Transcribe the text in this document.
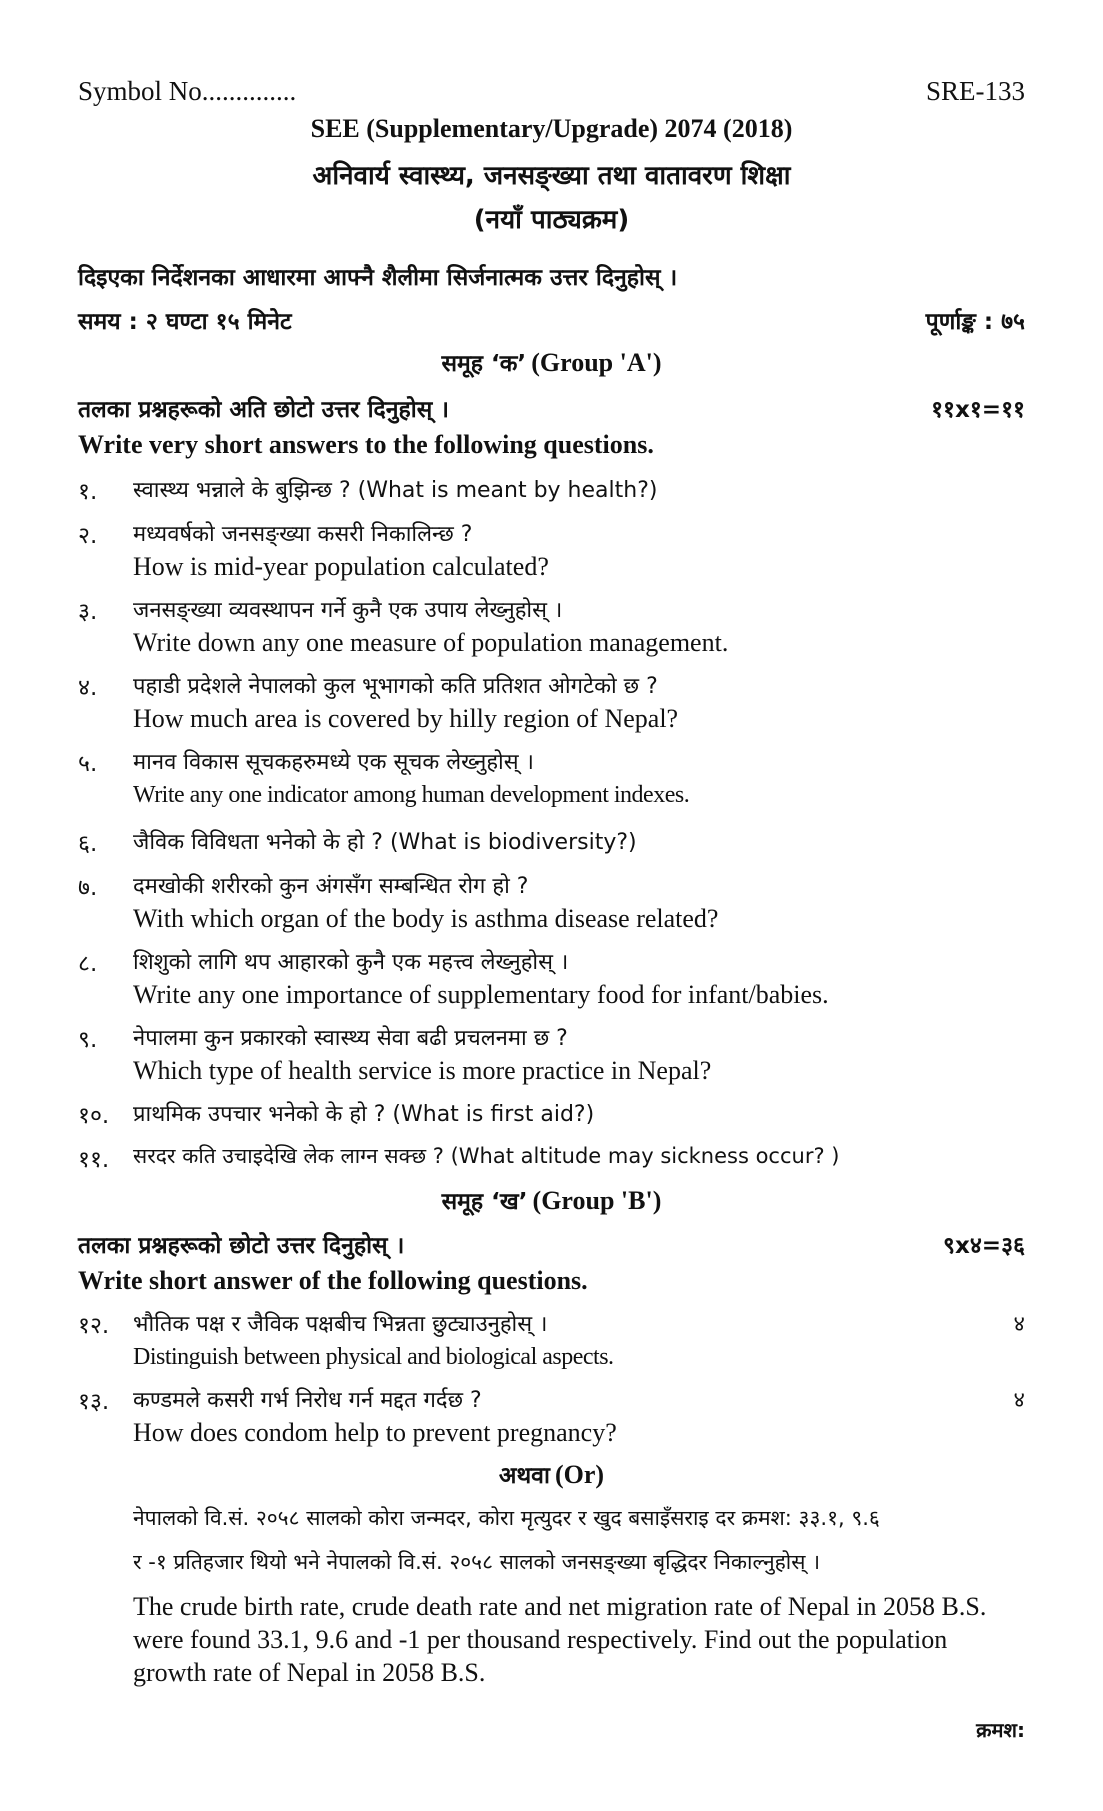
Symbol No..............	SRE-133
SEE (Supplementary/Upgrade) 2074 (2018)
अनिवार्य स्वास्थ्य, जनसङ्ख्या तथा वातावरण शिक्षा
(नयाँ पाठ्यक्रम)
दिइएका निर्देशनका आधारमा आफ्नै शैलीमा सिर्जनात्मक उत्तर दिनुहोस् ।
समय : २ घण्टा १५ मिनेट	पूर्णाङ्क : ७५
समूह ‘क’ (Group 'A')
तलका प्रश्नहरूको अति छोटो उत्तर दिनुहोस् ।	११x१=११
Write very short answers to the following questions.
१.	स्वास्थ्य भन्नाले के बुझिन्छ ? (What is meant by health?)
२.	मध्यवर्षको जनसङ्ख्या कसरी निकालिन्छ ?
How is mid-year population calculated?
३.	जनसङ्ख्या व्यवस्थापन गर्ने कुनै एक उपाय लेख्नुहोस् ।
Write down any one measure of population management.
४.	पहाडी प्रदेशले नेपालको कुल भूभागको कति प्रतिशत ओगटेको छ ?
How much area is covered by hilly region of Nepal?
५.	मानव विकास सूचकहरुमध्ये एक सूचक लेख्नुहोस् ।
Write any one indicator among human development indexes.
६.	जैविक विविधता भनेको के हो ? (What is biodiversity?)
७.	दमखोकी शरीरको कुन अंगसँग सम्बन्धित रोग हो ?
With which organ of the body is asthma disease related?
८.	शिशुको लागि थप आहारको कुनै एक महत्त्व लेख्नुहोस् ।
Write any one importance of supplementary food for infant/babies.
९.	नेपालमा कुन प्रकारको स्वास्थ्य सेवा बढी प्रचलनमा छ ?
Which type of health service is more practice in Nepal?
१०.	प्राथमिक उपचार भनेको के हो ? (What is first aid?)
११.	सरदर कति उचाइदेखि लेक लाग्न सक्छ ? (What altitude may sickness occur? )
समूह ‘ख’ (Group 'B')
तलका प्रश्नहरूको छोटो उत्तर दिनुहोस् ।	९x४=३६
Write short answer of the following questions.
१२.	भौतिक पक्ष र जैविक पक्षबीच भिन्नता छुट्याउनुहोस् ।	४
Distinguish between physical and biological aspects.
१३.	कण्डमले कसरी गर्भ निरोध गर्न मद्दत गर्दछ ?	४
How does condom help to prevent pregnancy?
अथवा (Or)
नेपालको वि.सं. २०५८ सालको कोरा जन्मदर, कोरा मृत्युदर र खुद बसाइँसराइ दर क्रमश: ३३.१, ९.६
र -१ प्रतिहजार थियो भने नेपालको वि.सं. २०५८ सालको जनसङ्ख्या बृद्धिदर निकाल्नुहोस् ।
The crude birth rate, crude death rate and net migration rate of Nepal in 2058 B.S. were found 33.1, 9.6 and -1 per thousand respectively. Find out the population growth rate of Nepal in 2058 B.S.
क्रमश:
